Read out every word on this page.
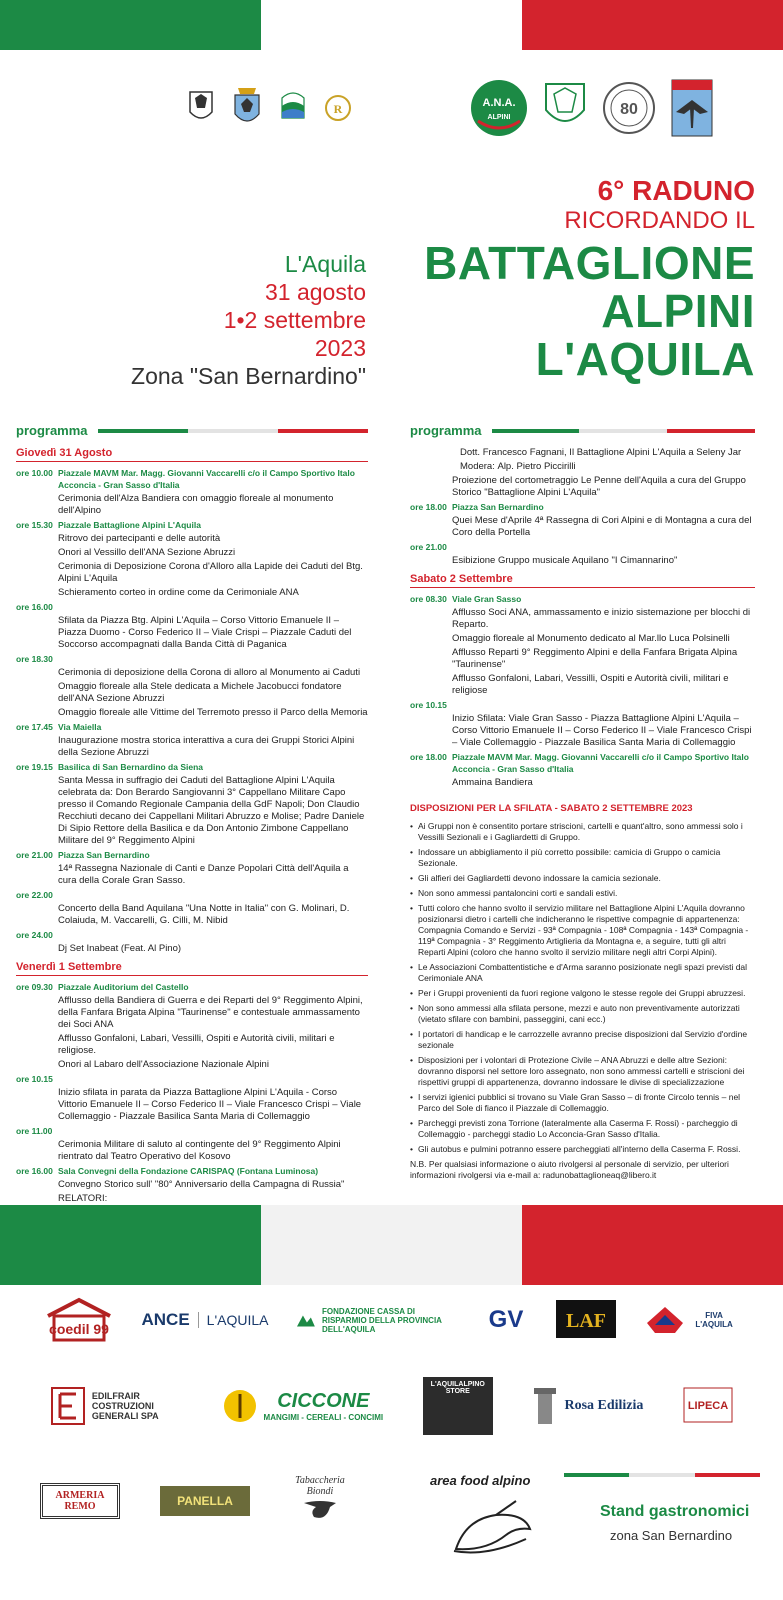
R	A.N.A.
ALPINI	80
6° RADUNO
RICORDANDO IL
BATTAGLIONE
ALPINI
L'AQUILA
L'Aquila
31 agosto
1•2 settembre
2023
Zona "San Bernardino"
programma
Giovedì 31 Agosto
ore 10.00 Piazzale MAVM Mar. Magg. Giovanni Vaccarelli c/o il Campo Sportivo Italo Acconcia - Gran Sasso d'Italia
Cerimonia dell'Alza Bandiera con omaggio floreale al monumento dell'Alpino
ore 15.30 Piazzale Battaglione Alpini L'Aquila
Ritrovo dei partecipanti e delle autorità
Onori al Vessillo dell'ANA Sezione Abruzzi
Cerimonia di Deposizione Corona d'Alloro alla Lapide dei Caduti del Btg. Alpini L'Aquila
Schieramento corteo in ordine come da Cerimoniale ANA
ore 16.00
Sfilata da Piazza Btg. Alpini L'Aquila – Corso Vittorio Emanuele II – Piazza Duomo - Corso Federico II – Viale Crispi – Piazzale Caduti del Soccorso accompagnati dalla Banda Città di Paganica
ore 18.30
Cerimonia di deposizione della Corona di alloro al Monumento ai Caduti
Omaggio floreale alla Stele dedicata a Michele Jacobucci fondatore dell'ANA Sezione Abruzzi
Omaggio floreale alle Vittime del Terremoto presso il Parco della Memoria
ore 17.45 Via Maiella
Inaugurazione mostra storica interattiva a cura dei Gruppi Storici Alpini della Sezione Abruzzi
ore 19.15 Basilica di San Bernardino da Siena
Santa Messa in suffragio dei Caduti del Battaglione Alpini L'Aquila celebrata da: Don Berardo Sangiovanni 3° Cappellano Militare Capo presso il Comando Regionale Campania della GdF Napoli; Don Claudio Recchiuti decano dei Cappellani Militari Abruzzo e Molise; Padre Daniele Di Sipio Rettore della Basilica e da Don Antonio Zimbone Cappellano Militare del 9° Reggimento Alpini
ore 21.00 Piazza San Bernardino
14ª Rassegna Nazionale di Canti e Danze Popolari Città dell'Aquila a cura della Corale Gran Sasso.
ore 22.00
Concerto della Band Aquilana "Una Notte in Italia" con G. Molinari, D. Colaiuda, M. Vaccarelli, G. Cilli, M. Nibid
ore 24.00
Dj Set Inabeat (Feat. Al Pino)
Venerdì 1 Settembre
ore 09.30 Piazzale Auditorium del Castello
Afflusso della Bandiera di Guerra e dei Reparti del 9° Reggimento Alpini, della Fanfara Brigata Alpina "Taurinense" e contestuale ammassamento dei Soci ANA
Afflusso Gonfaloni, Labari, Vessilli, Ospiti e Autorità civili, militari e religiose.
Onori al Labaro dell'Associazione Nazionale Alpini
ore 10.15
Inizio sfilata in parata da Piazza Battaglione Alpini L'Aquila - Corso Vittorio Emanuele II – Corso Federico II – Viale Francesco Crispi – Viale Collemaggio - Piazzale Basilica Santa Maria di Collemaggio
ore 11.00
Cerimonia Militare di saluto al contingente del 9° Reggimento Alpini rientrato dal Teatro Operativo del Kosovo
ore 16.00 Sala Convegni della Fondazione CARISPAQ (Fontana Luminosa)
Convegno Storico sull' "80° Anniversario della Campagna di Russia"
RELATORI:
programma
Dott. Francesco Fagnani, Il Battaglione Alpini L'Aquila a Seleny Jar
Moderа: Alp. Pietro Piccirilli
Proiezione del cortometraggio Le Penne dell'Aquila a cura del Gruppo Storico "Battaglione Alpini L'Aquila"
ore 18.00 Piazza San Bernardino
Quei Mese d'Aprile 4ª Rassegna di Cori Alpini e di Montagna a cura del Coro della Portella
ore 21.00
Esibizione Gruppo musicale Aquilano "I Cimannarino"
Sabato 2 Settembre
ore 08.30 Viale Gran Sasso
Afflusso Soci ANA, ammassamento e inizio sistemazione per blocchi di Reparto.
Omaggio floreale al Monumento dedicato al Mar.llo Luca Polsinelli
Afflusso Reparti 9° Reggimento Alpini e della Fanfara Brigata Alpina "Taurinense"
Afflusso Gonfaloni, Labari, Vessilli, Ospiti e Autorità civili, militari e religiose
ore 10.15
Inizio Sfilata: Viale Gran Sasso - Piazza Battaglione Alpini L'Aquila – Corso Vittorio Emanuele II – Corso Federico II – Viale Francesco Crispi – Viale Collemaggio - Piazzale Basilica Santa Maria di Collemaggio
ore 18.00 Piazzale MAVM Mar. Magg. Giovanni Vaccarelli c/o il Campo Sportivo Italo Acconcia - Gran Sasso d'Italia
Ammaina Bandiera
DISPOSIZIONI PER LA SFILATA - SABATO 2 SETTEMBRE 2023
• Ai Gruppi non è consentito portare striscioni, cartelli e quant'altro, sono ammessi solo i Vessilli Sezionali e i Gagliardetti di Gruppo.
• Indossare un abbigliamento il più corretto possibile: camicia di Gruppo o camicia Sezionale.
• Gli alfieri dei Gagliardetti devono indossare la camicia sezionale.
• Non sono ammessi pantaloncini corti e sandali estivi.
• Tutti coloro che hanno svolto il servizio militare nel Battaglione Alpini L'Aquila dovranno posizionarsi dietro i cartelli che indicheranno le rispettive compagnie di appartenenza: Compagnia Comando e Servizi - 93ª Compagnia - 108ª Compagnia - 143ª Compagnia - 119ª Compagnia - 3° Reggimento Artiglieria da Montagna e, a seguire, tutti gli altri Reparti Alpini (coloro che hanno svolto il servizio militare negli altri Corpi Alpini).
• Le Associazioni Combattentistiche e d'Arma saranno posizionate negli spazi previsti dal Cerimoniale ANA
• Per i Gruppi provenienti da fuori regione valgono le stesse regole dei Gruppi abruzzesi.
• Non sono ammessi alla sfilata persone, mezzi e auto non preventivamente autorizzati (vietato sfilare con bambini, passeggini, cani ecc.)
• I portatori di handicap e le carrozzelle avranno precise disposizioni dal Servizio d'ordine sezionale
• Disposizioni per i volontari di Protezione Civile – ANA Abruzzi e delle altre Sezioni: dovranno disporsi nel settore loro assegnato, non sono ammessi cartelli e striscioni dei rispettivi gruppi di appartenenza, dovranno indossare le divise di specializzazione
• I servizi igienici pubblici si trovano su Viale Gran Sasso – di fronte Circolo tennis – nel Parco del Sole di fianco il Piazzale di Collemaggio.
• Parcheggi previsti zona Torrione (lateralmente alla Caserma F. Rossi) - parcheggio di Collemaggio - parcheggi stadio Lo Acconcia-Gran Sasso d'Italia.
• Gli autobus e pulmini potranno essere parcheggiati all'interno della Caserma F. Rossi.
N.B. Per qualsiasi informazione o aiuto rivolgersi al personale di servizio, per ulteriori informazioni rivolgersi via e-mail a: radunobattaglioneaq@libero.it
coedil 99 ANCE	L'AQUILA
FONDAZIONE CASSA DI RISPARMIO DELLA PROVINCIA DELL'AQUILA	GV LAF	FIVA L'AQUILA
EDILFRAIR COSTRUZIONI GENERALI SPA
CICCONE
MANGIMI - CEREALI - CONCIMI
L'AQUILALPINO STORE
Rosa Edilizia	LIPECA
ARMERIA REMO	PANELLA
Tabaccheria Biondi
area food alpino
Stand gastronomici
zona San Bernardino
